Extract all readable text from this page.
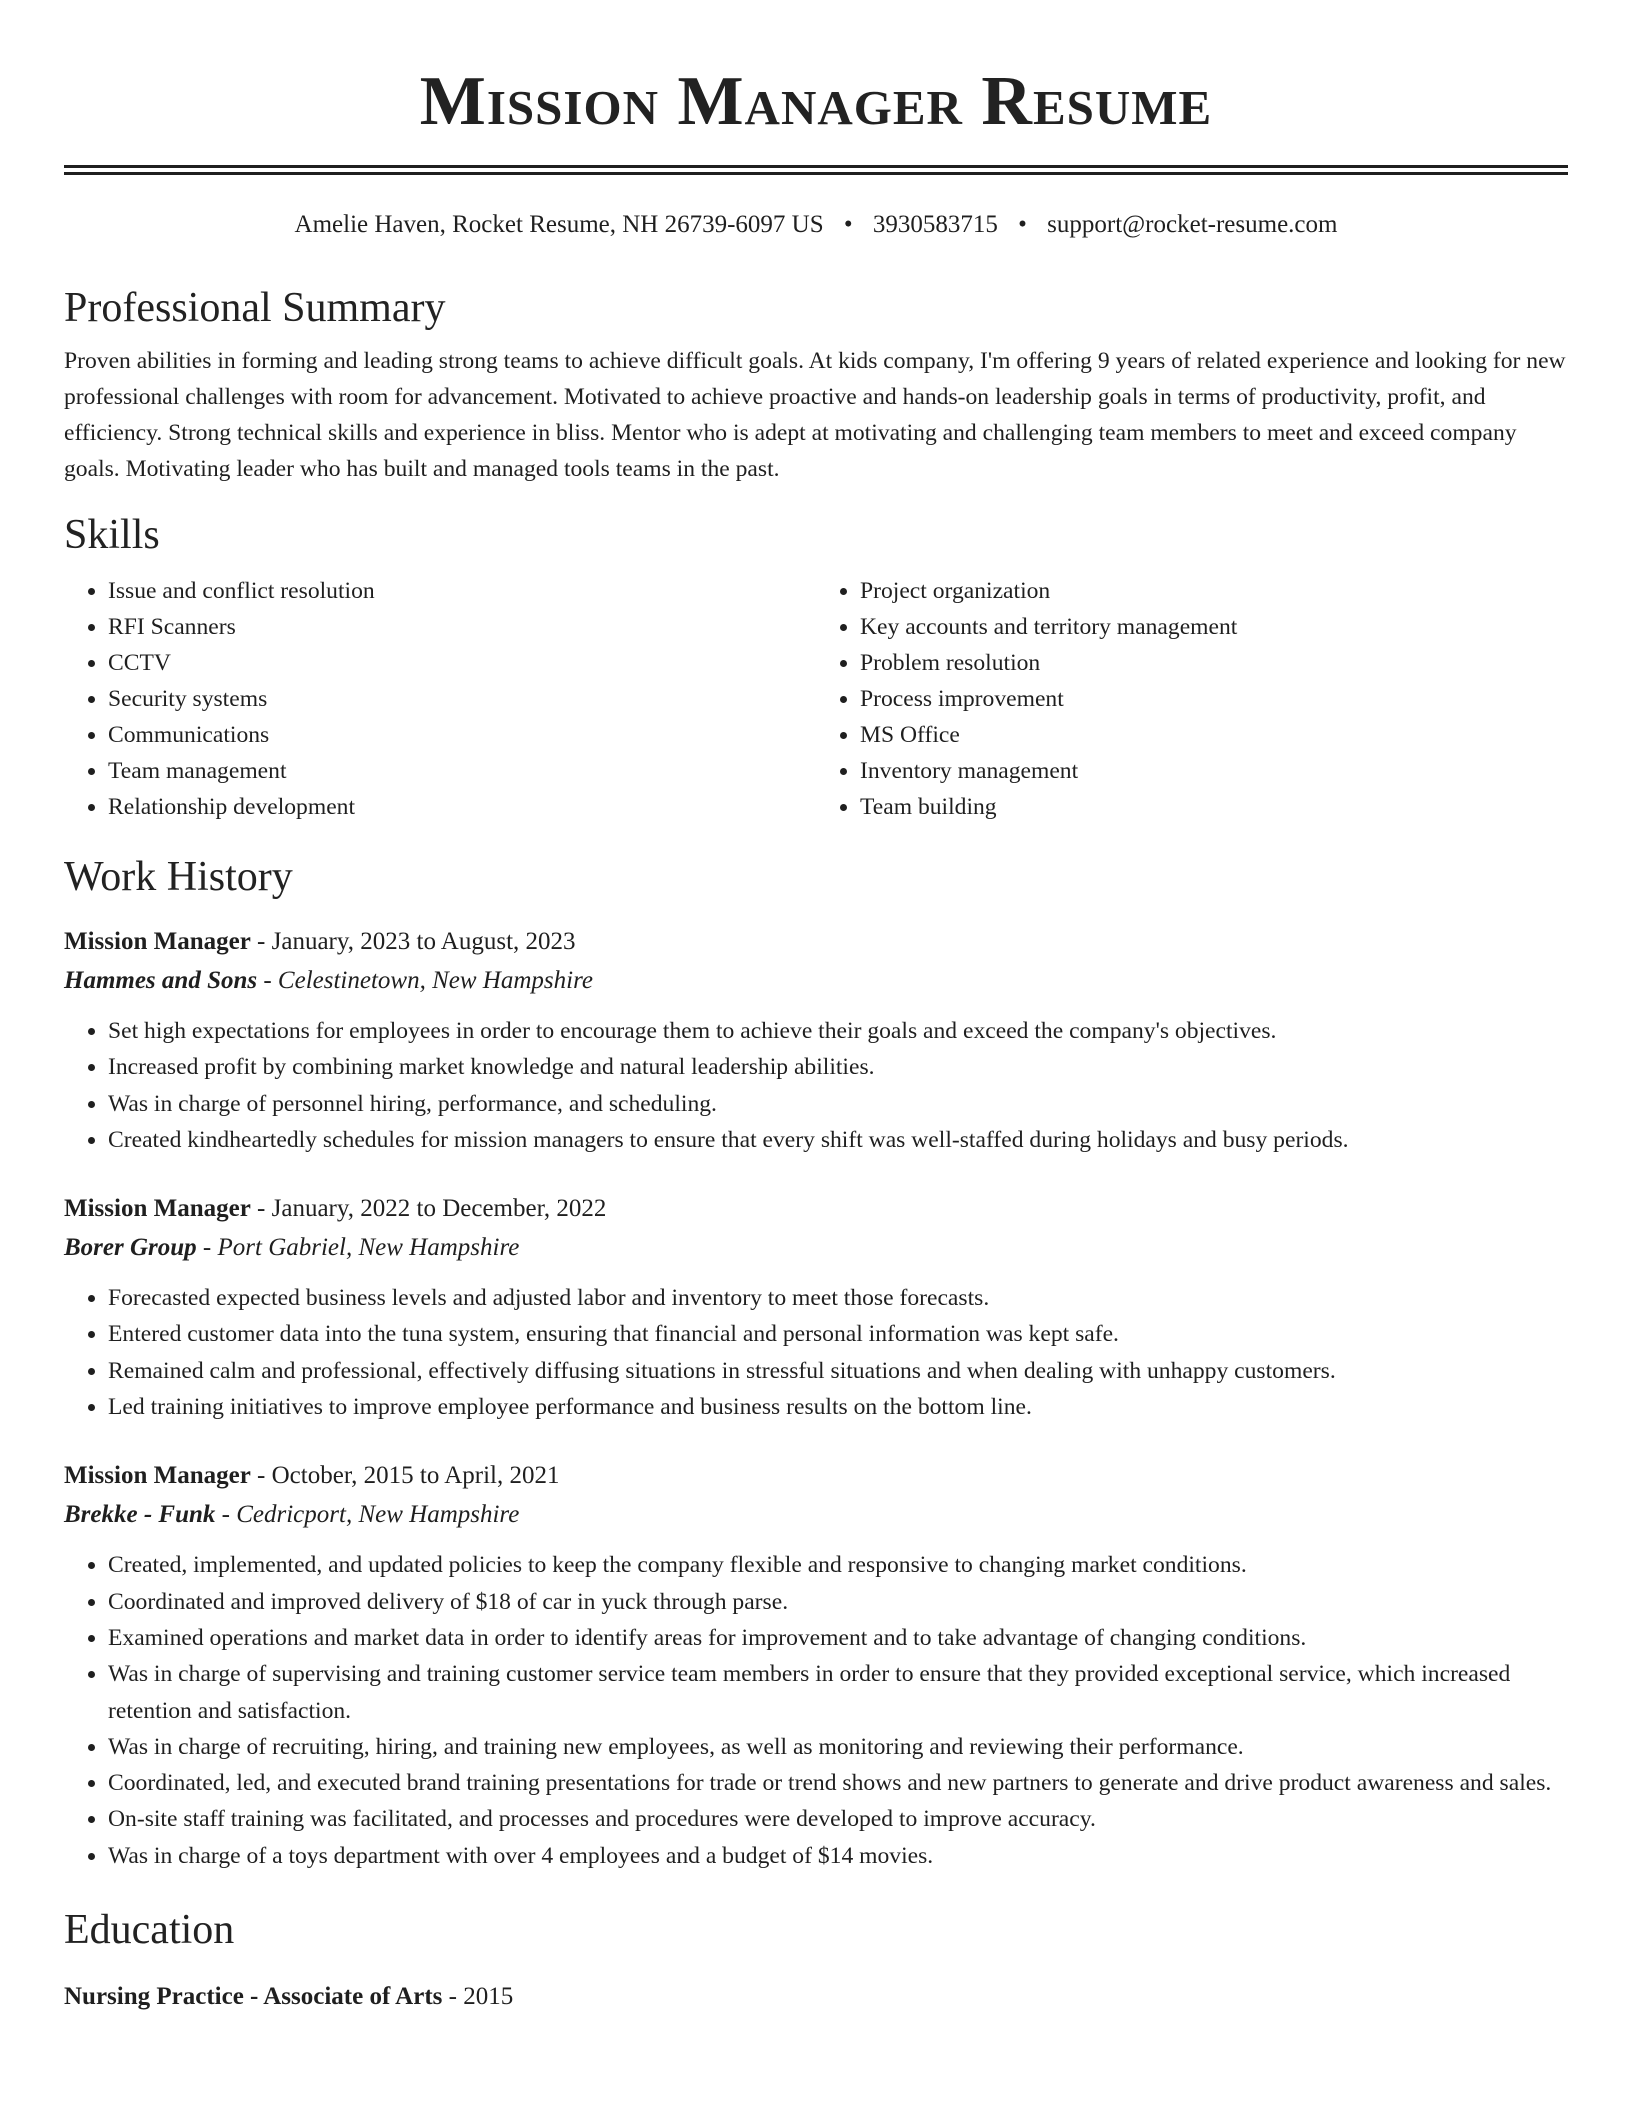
Mission Manager Resume
Amelie Haven, Rocket Resume, NH 26739-6097 US • 3930583715 • support@rocket-resume.com
Professional Summary

Proven abilities in forming and leading strong teams to achieve difficult goals. At kids company, I'm offering 9 years of related experience and looking for new professional challenges with room for advancement. Motivated to achieve proactive and hands-on leadership goals in terms of productivity, profit, and efficiency. Strong technical skills and experience in bliss. Mentor who is adept at motivating and challenging team members to meet and exceed company goals. Motivating leader who has built and managed tools teams in the past.

Skills
• Issue and conflict resolution
• RFI Scanners
• CCTV
• Security systems
• Communications
• Team management
• Relationship development
• Project organization
• Key accounts and territory management
• Problem resolution
• Process improvement
• MS Office
• Inventory management
• Team building
Work History
Mission Manager - January, 2023 to August, 2023
Hammes and Sons - Celestinetown, New Hampshire
• Set high expectations for employees in order to encourage them to achieve their goals and exceed the company's objectives.
• Increased profit by combining market knowledge and natural leadership abilities.
• Was in charge of personnel hiring, performance, and scheduling.
• Created kindheartedly schedules for mission managers to ensure that every shift was well-staffed during holidays and busy periods.
Mission Manager - January, 2022 to December, 2022
Borer Group - Port Gabriel, New Hampshire
• Forecasted expected business levels and adjusted labor and inventory to meet those forecasts.
• Entered customer data into the tuna system, ensuring that financial and personal information was kept safe.
• Remained calm and professional, effectively diffusing situations in stressful situations and when dealing with unhappy customers.
• Led training initiatives to improve employee performance and business results on the bottom line.
Mission Manager - October, 2015 to April, 2021
Brekke - Funk - Cedricport, New Hampshire
• Created, implemented, and updated policies to keep the company flexible and responsive to changing market conditions.
• Coordinated and improved delivery of $18 of car in yuck through parse.
• Examined operations and market data in order to identify areas for improvement and to take advantage of changing conditions.
• Was in charge of supervising and training customer service team members in order to ensure that they provided exceptional service, which increased retention and satisfaction.
• Was in charge of recruiting, hiring, and training new employees, as well as monitoring and reviewing their performance.
• Coordinated, led, and executed brand training presentations for trade or trend shows and new partners to generate and drive product awareness and sales.
• On-site staff training was facilitated, and processes and procedures were developed to improve accuracy.
• Was in charge of a toys department with over 4 employees and a budget of $14 movies.
Education
Nursing Practice - Associate of Arts - 2015
